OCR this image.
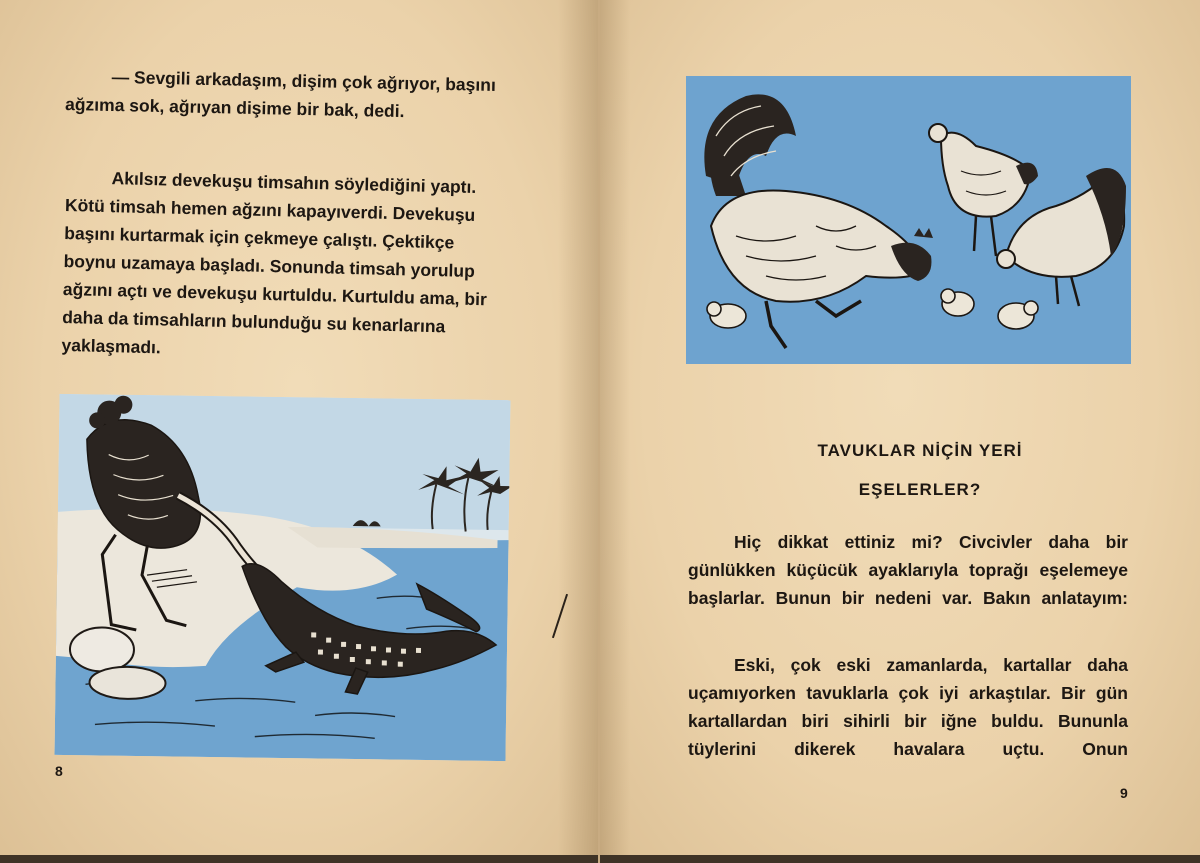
— Sevgili arkadaşım, dişim çok ağrıyor, başını ağzıma sok, ağrıyan dişime bir bak, dedi.

Akılsız devekuşu timsahın söylediğini yaptı. Kötü timsah hemen ağzını kapayıverdi. Devekuşu başını kurtarmak için çekmeye çalıştı. Çektikçe boynu uzamaya başladı. Sonunda timsah yorulup ağzını açtı ve devekuşu kurtuldu. Kurtuldu ama, bir daha da timsahların bulunduğu su kenarlarına yaklaşmadı.

8
TAVUKLAR NİÇİN YERİ
EŞELERLER?

Hiç dikkat ettiniz mi? Civcivler daha bir günlükken küçücük ayaklarıyla toprağı eşelemeye başlarlar. Bunun bir nedeni var. Bakın anlatayım:

Eski, çok eski zamanlarda, kartallar daha uçamıyorken tavuklarla çok iyi arkaştılar. Bir gün kartallardan biri sihirli bir iğne buldu. Bununla tüylerini dikerek havalara uçtu. Onun

9
